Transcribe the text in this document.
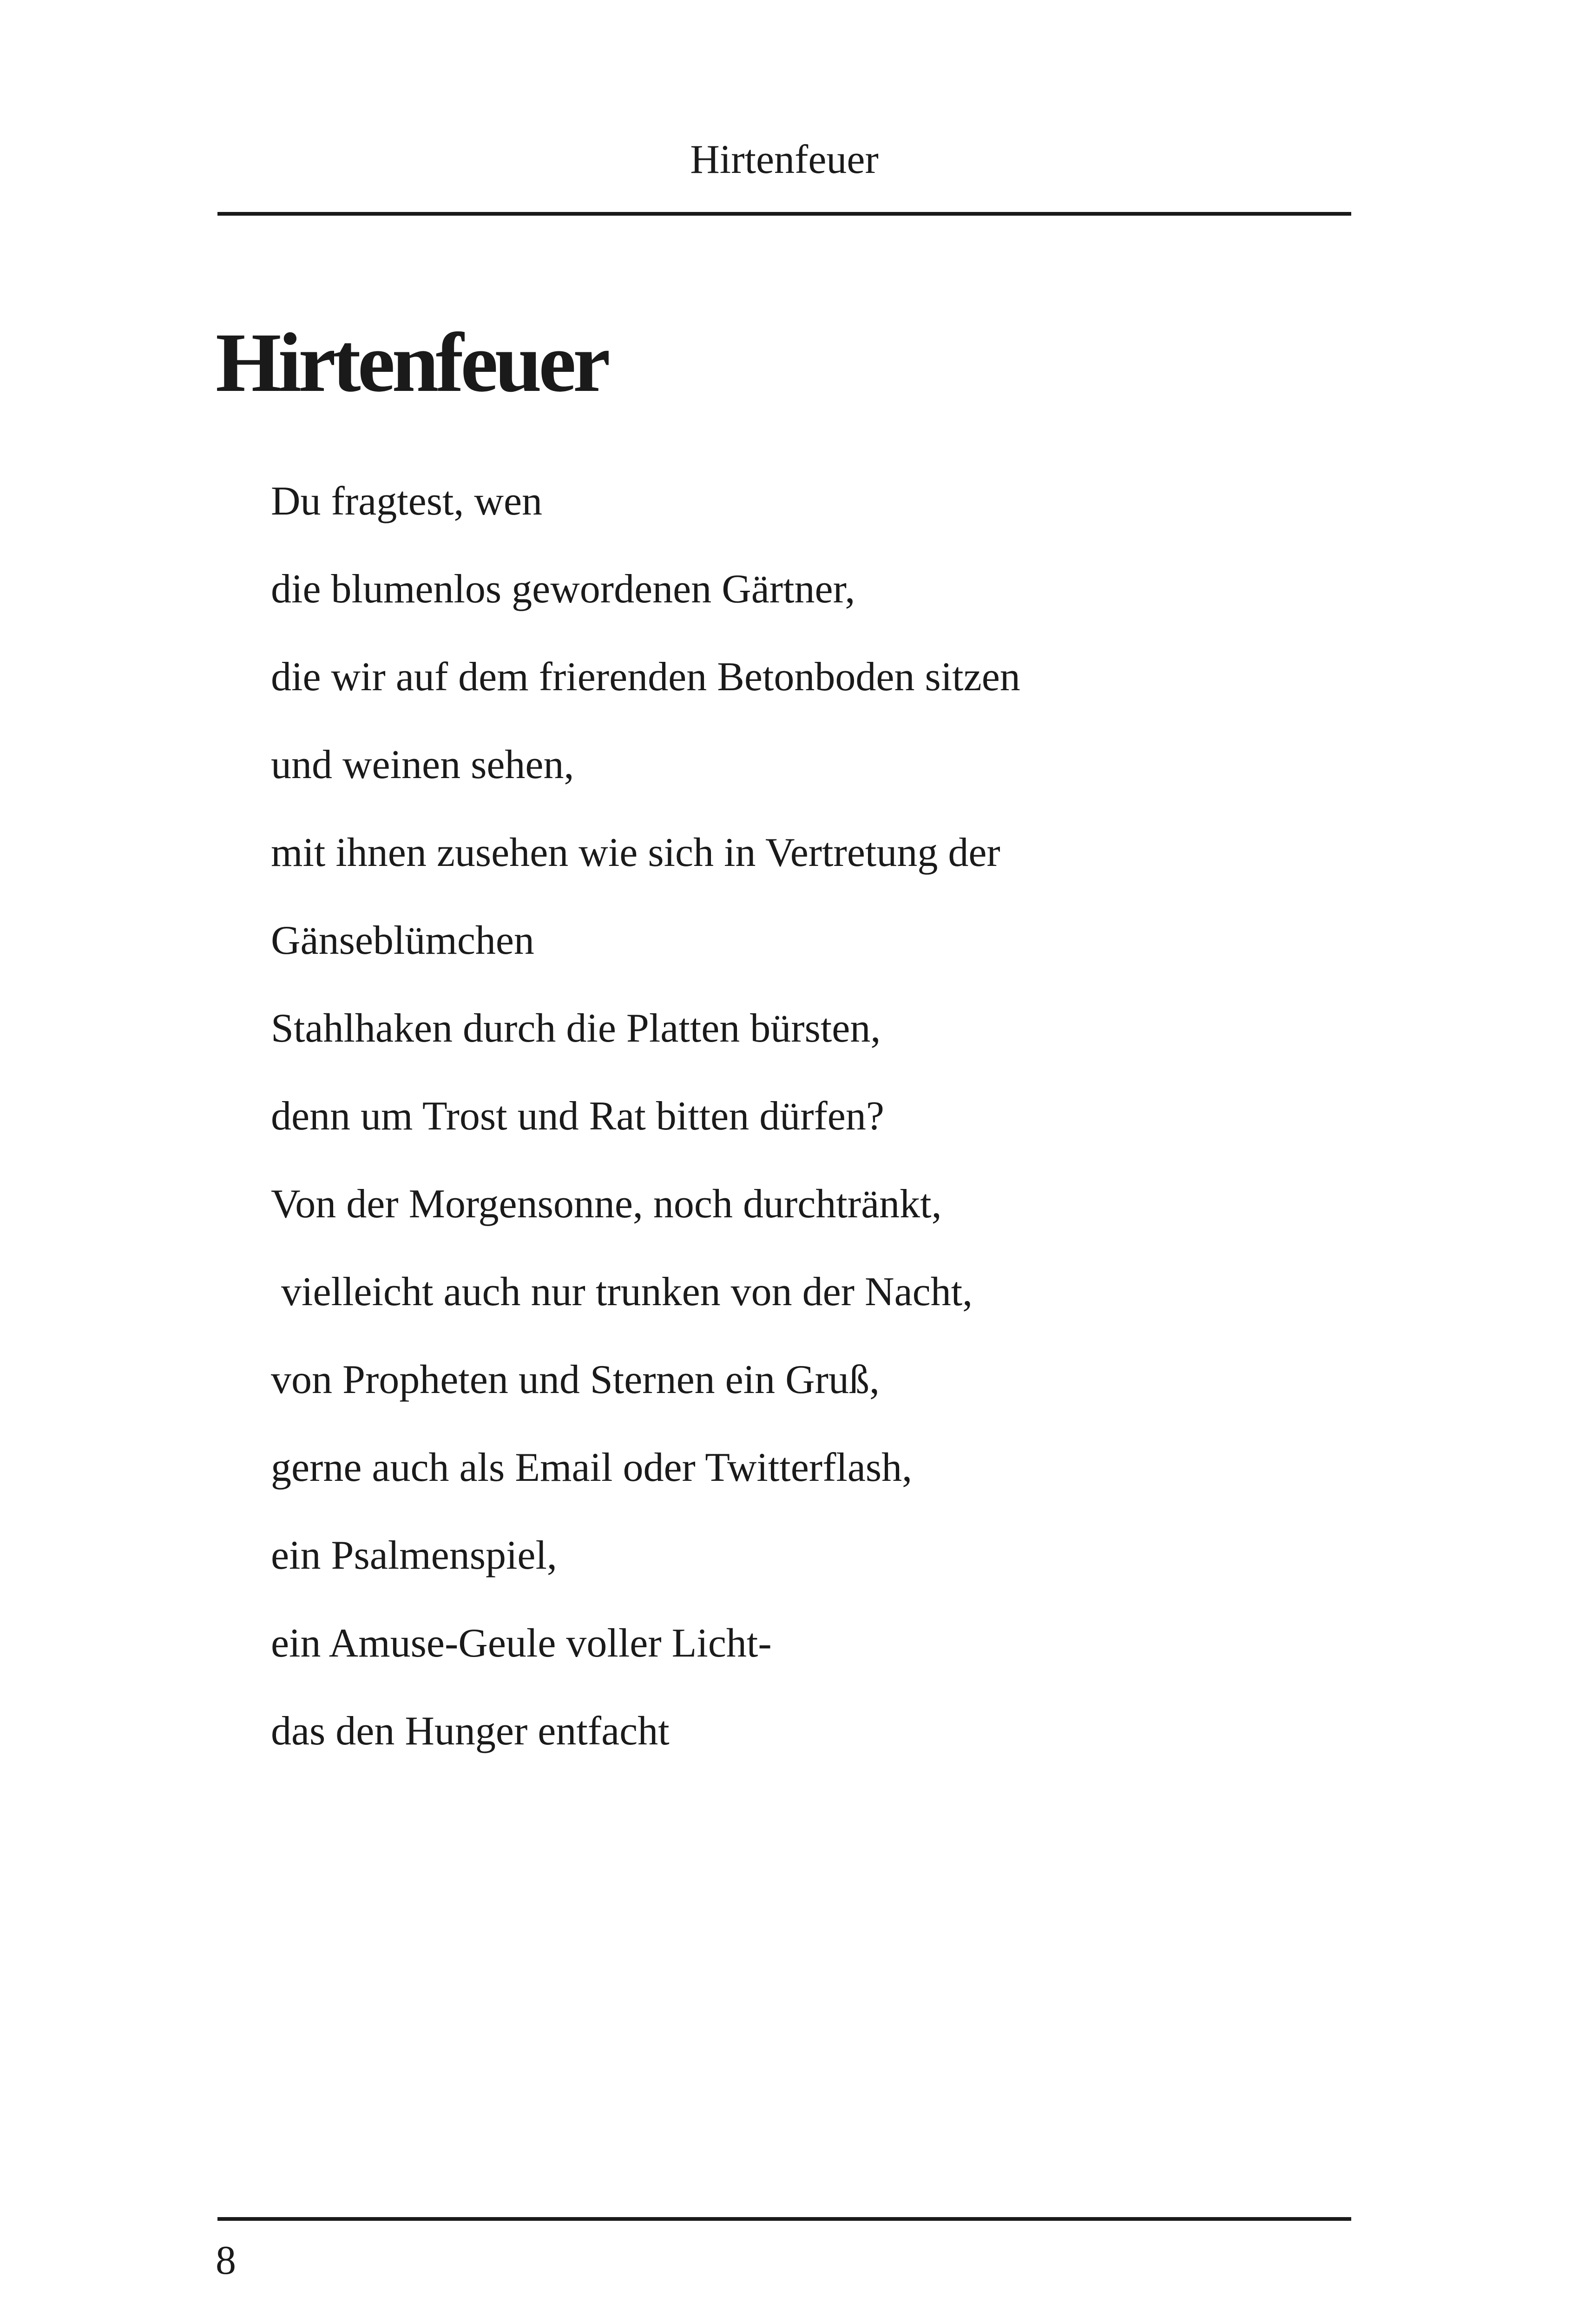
Hirtenfeuer
Hirtenfeuer
Du fragtest, wen
die blumenlos gewordenen Gärtner,
die wir auf dem frierenden Betonboden sitzen
und weinen sehen,
mit ihnen zusehen wie sich in Vertretung der
Gänseblümchen
Stahlhaken durch die Platten bürsten,
denn um Trost und Rat bitten dürfen?
Von der Morgensonne, noch durchtränkt,
vielleicht auch nur trunken von der Nacht,
von Propheten und Sternen ein Gruß,
gerne auch als Email oder Twitterflash,
ein Psalmenspiel,
ein Amuse-Geule voller Licht-
das den Hunger entfacht
8
